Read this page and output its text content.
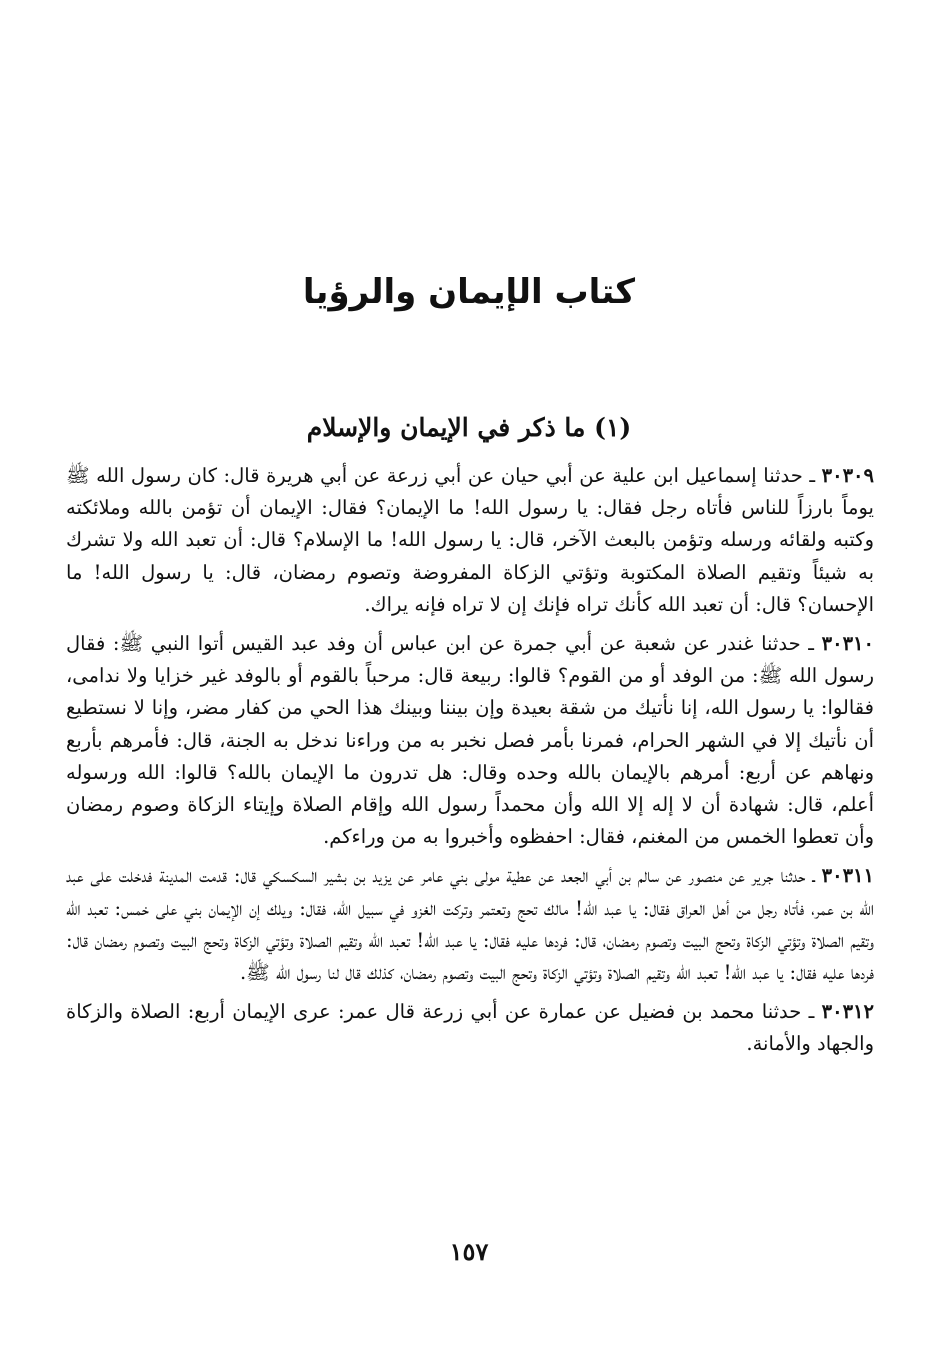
كتاب الإيمان والرؤيا
(١) ما ذكر في الإيمان والإسلام

٣٠٣٠٩ ـ حدثنا إسماعيل ابن علية عن أبي حيان عن أبي زرعة عن أبي هريرة قال: كان رسول الله ﷺ يوماً بارزاً للناس فأتاه رجل فقال: يا رسول الله! ما الإيمان؟ فقال: الإيمان أن تؤمن بالله وملائكته وكتبه ولقائه ورسله وتؤمن بالبعث الآخر، قال: يا رسول الله! ما الإسلام؟ قال: أن تعبد الله ولا تشرك به شيئاً وتقيم الصلاة المكتوبة وتؤتي الزكاة المفروضة وتصوم رمضان، قال: يا رسول الله! ما الإحسان؟ قال: أن تعبد الله كأنك تراه فإنك إن لا تراه فإنه يراك.

٣٠٣١٠ ـ حدثنا غندر عن شعبة عن أبي جمرة عن ابن عباس أن وفد عبد القيس أتوا النبي ﷺ: فقال رسول الله ﷺ: من الوفد أو من القوم؟ قالوا: ربيعة قال: مرحباً بالقوم أو بالوفد غير خزايا ولا ندامى، فقالوا: يا رسول الله، إنا نأتيك من شقة بعيدة وإن بيننا وبينك هذا الحي من كفار مضر، وإنا لا نستطيع أن نأتيك إلا في الشهر الحرام، فمرنا بأمر فصل نخبر به من وراءنا ندخل به الجنة، قال: فأمرهم بأربع ونهاهم عن أربع: أمرهم بالإيمان بالله وحده وقال: هل تدرون ما الإيمان بالله؟ قالوا: الله ورسوله أعلم، قال: شهادة أن لا إله إلا الله وأن محمداً رسول الله وإقام الصلاة وإيتاء الزكاة وصوم رمضان وأن تعطوا الخمس من المغنم، فقال: احفظوه وأخبروا به من وراءكم.

٣٠٣١١ ـ حدثنا جرير عن منصور عن سالم بن أبي الجعد عن عطية مولى بني عامر عن يزيد بن بشير السكسكي قال: قدمت المدينة فدخلت على عبد الله بن عمر، فأتاه رجل من أهل العراق فقال: يا عبد الله! مالك تحج وتعتمر وتركت الغزو في سبيل الله، فقال: ويلك إن الإيمان بني على خمس: تعبد الله وتقيم الصلاة وتؤتي الزكاة وتحج البيت وتصوم رمضان، قال: فردها عليه فقال: يا عبد الله! تعبد الله وتقيم الصلاة وتؤتي الزكاة وتحج البيت وتصوم رمضان قال: فردها عليه فقال: يا عبد الله! تعبد الله وتقيم الصلاة وتؤتي الزكاة وتحج البيت وتصوم رمضان، كذلك قال لنا رسول الله ﷺ.

٣٠٣١٢ ـ حدثنا محمد بن فضيل عن عمارة عن أبي زرعة قال عمر: عرى الإيمان أربع: الصلاة والزكاة والجهاد والأمانة.

١٥٧
